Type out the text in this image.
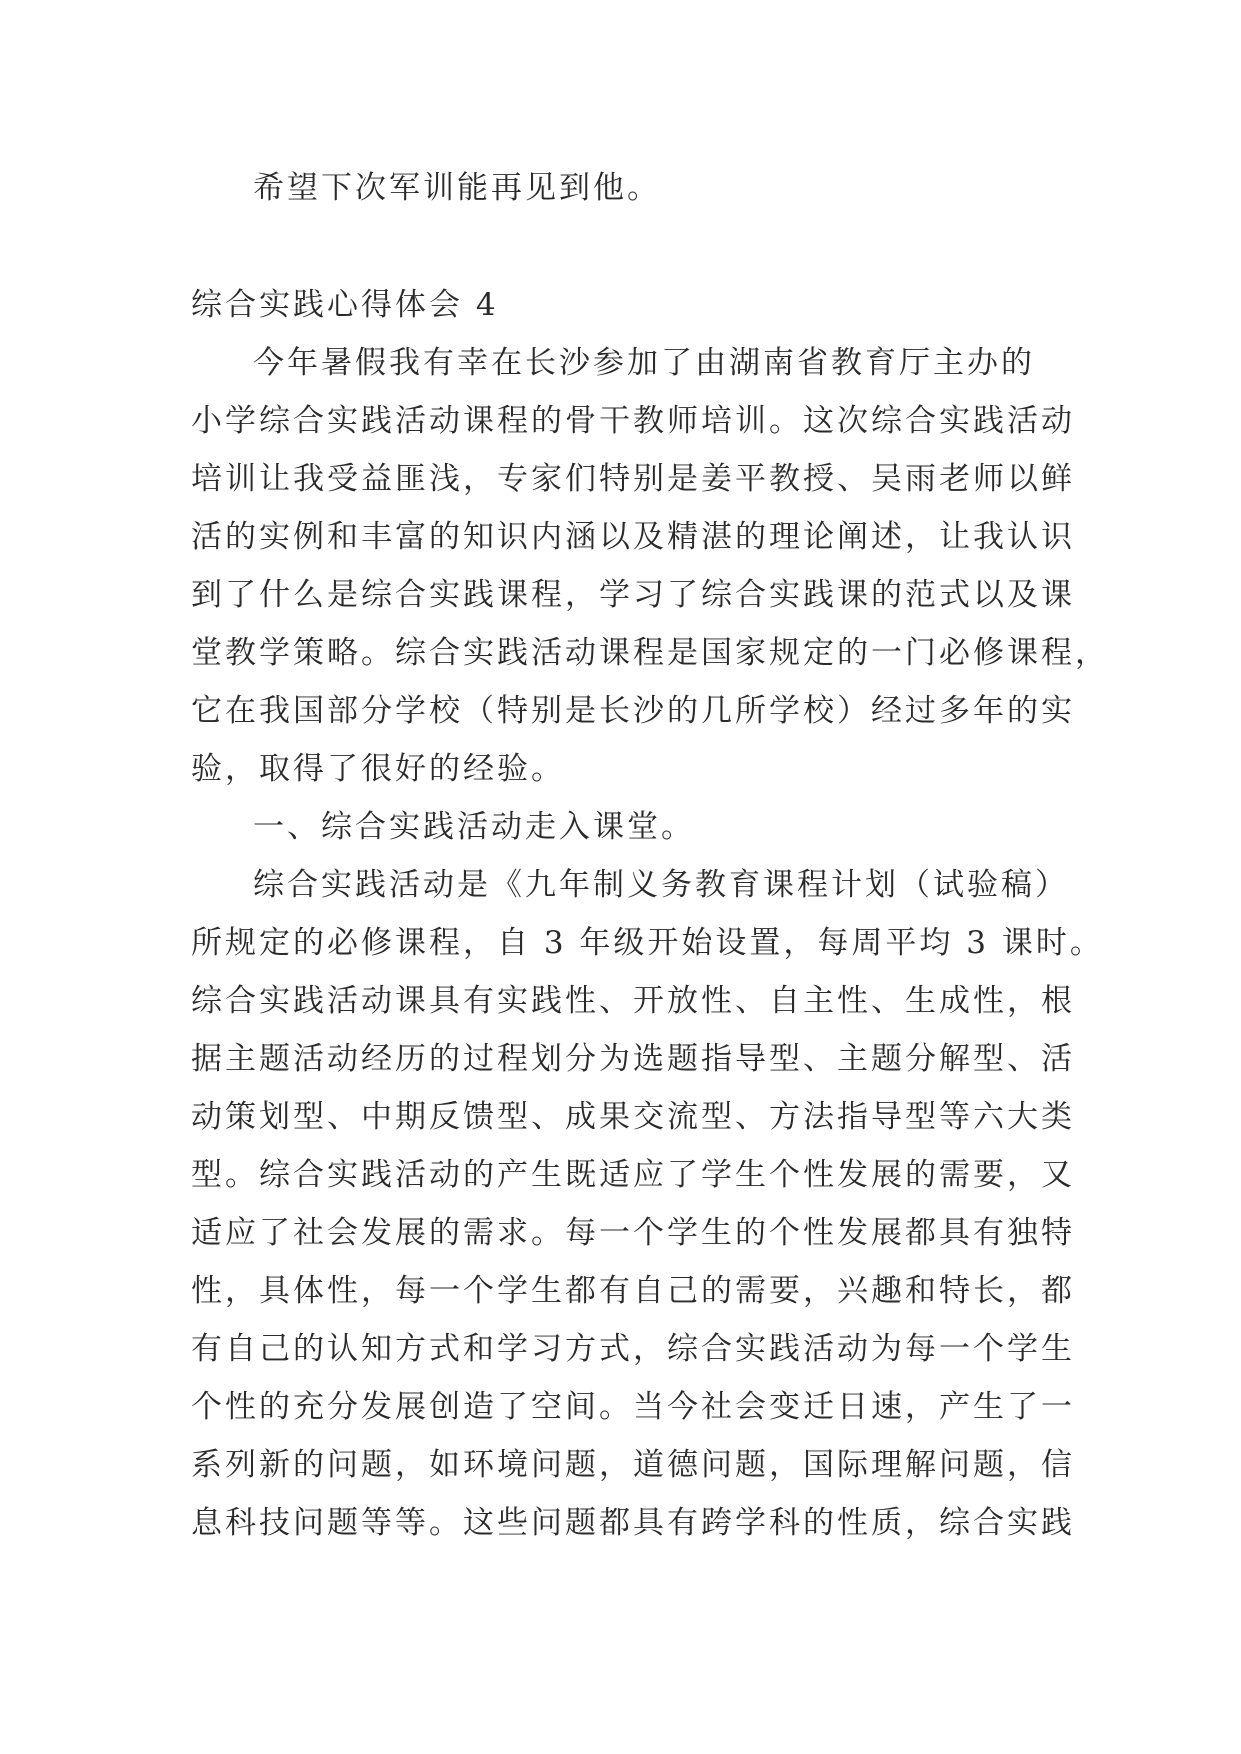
希望下次军训能再见到他。
综合实践心得体会 4
今年暑假我有幸在长沙参加了由湖南省教育厅主办的
小学综合实践活动课程的骨干教师培训。这次综合实践活动
培训让我受益匪浅，专家们特别是姜平教授、吴雨老师以鲜
活的实例和丰富的知识内涵以及精湛的理论阐述，让我认识
到了什么是综合实践课程，学习了综合实践课的范式以及课
堂教学策略。综合实践活动课程是国家规定的一门必修课程，
它在我国部分学校（特别是长沙的几所学校）经过多年的实
验，取得了很好的经验。
一、综合实践活动走入课堂。
综合实践活动是《九年制义务教育课程计划（试验稿）
所规定的必修课程，自 3 年级开始设置，每周平均 3 课时。
综合实践活动课具有实践性、开放性、自主性、生成性，根
据主题活动经历的过程划分为选题指导型、主题分解型、活
动策划型、中期反馈型、成果交流型、方法指导型等六大类
型。综合实践活动的产生既适应了学生个性发展的需要，又
适应了社会发展的需求。每一个学生的个性发展都具有独特
性，具体性，每一个学生都有自己的需要，兴趣和特长，都
有自己的认知方式和学习方式，综合实践活动为每一个学生
个性的充分发展创造了空间。当今社会变迁日速，产生了一
系列新的问题，如环境问题，道德问题，国际理解问题，信
息科技问题等等。这些问题都具有跨学科的性质，综合实践
